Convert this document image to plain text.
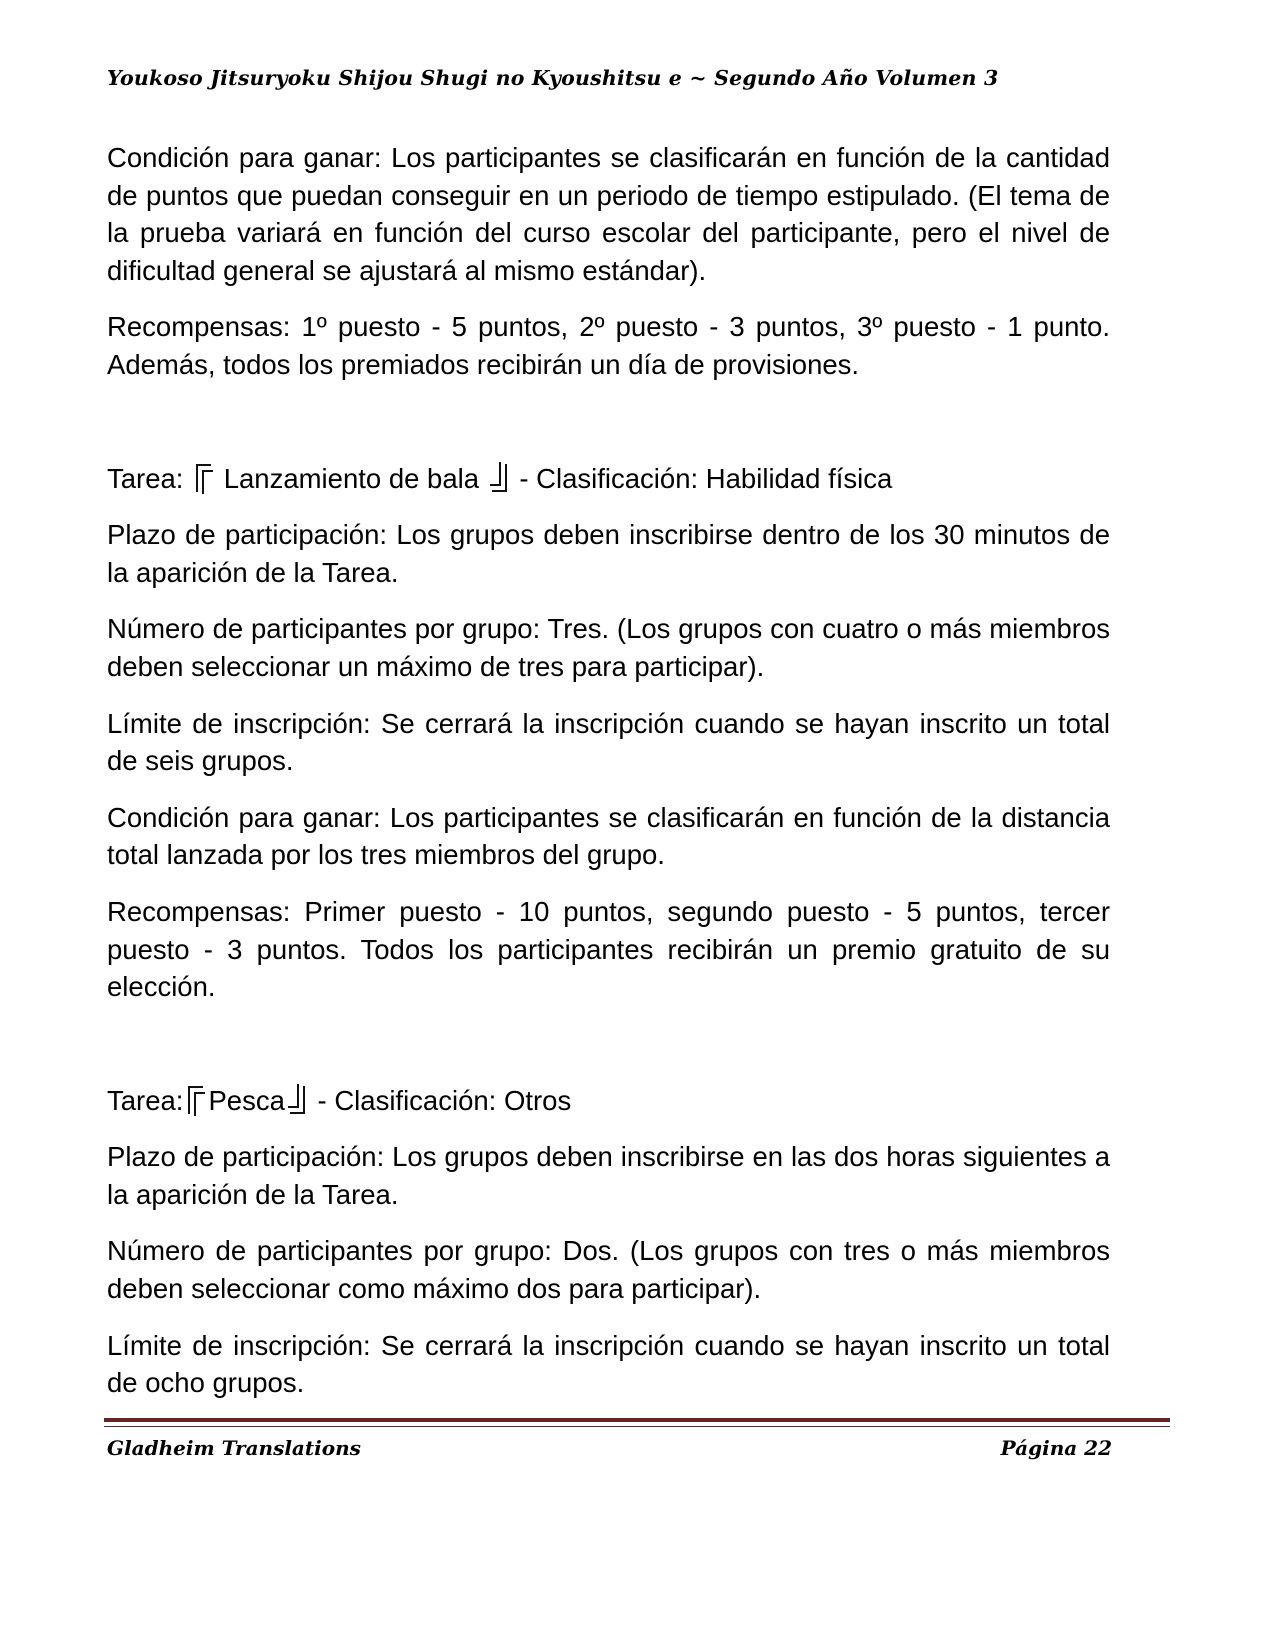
Youkoso Jitsuryoku Shijou Shugi no Kyoushitsu e ~ Segundo Año Volumen 3

Condición para ganar: Los participantes se clasificarán en función de la cantidad de puntos que puedan conseguir en un periodo de tiempo estipulado. (El tema de la prueba variará en función del curso escolar del participante, pero el nivel de dificultad general se ajustará al mismo estándar).

Recompensas: 1º puesto - 5 puntos, 2º puesto - 3 puntos, 3º puesto - 1 punto. Además, todos los premiados recibirán un día de provisiones.

Tarea:  Lanzamiento de bala  - Clasificación: Habilidad física

Plazo de participación: Los grupos deben inscribirse dentro de los 30 minutos de la aparición de la Tarea.

Número de participantes por grupo: Tres. (Los grupos con cuatro o más miembros deben seleccionar un máximo de tres para participar).

Límite de inscripción: Se cerrará la inscripción cuando se hayan inscrito un total de seis grupos.

Condición para ganar: Los participantes se clasificarán en función de la distancia total lanzada por los tres miembros del grupo.

Recompensas: Primer puesto - 10 puntos, segundo puesto - 5 puntos, tercer puesto - 3 puntos. Todos los participantes recibirán un premio gratuito de su elección.

Tarea: Pesca - Clasificación: Otros

Plazo de participación: Los grupos deben inscribirse en las dos horas siguientes a la aparición de la Tarea.

Número de participantes por grupo: Dos. (Los grupos con tres o más miembros deben seleccionar como máximo dos para participar).

Límite de inscripción: Se cerrará la inscripción cuando se hayan inscrito un total de ocho grupos.

Gladheim Translations	Página 22
